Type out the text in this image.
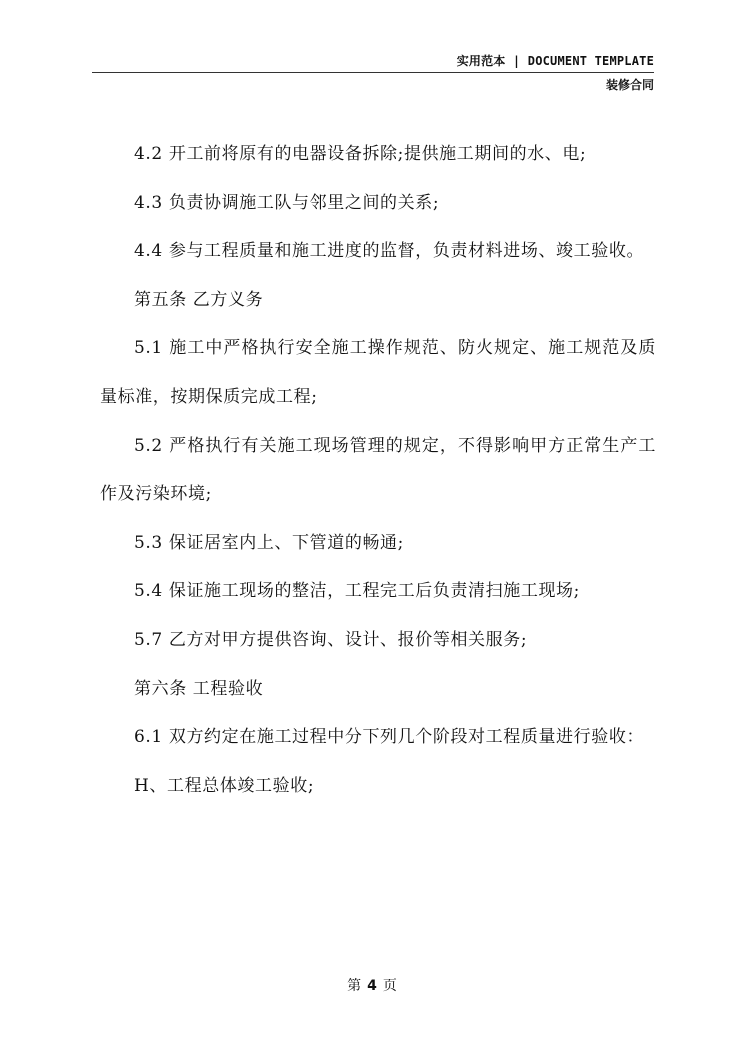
实用范本 | DOCUMENT TEMPLATE
装修合同

4.2 开工前将原有的电器设备拆除;提供施工期间的水、电;

4.3 负责协调施工队与邻里之间的关系;

4.4 参与工程质量和施工进度的监督，负责材料进场、竣工验收。

第五条 乙方义务

5.1 施工中严格执行安全施工操作规范、防火规定、施工规范及质量标准，按期保质完成工程;

5.2 严格执行有关施工现场管理的规定，不得影响甲方正常生产工作及污染环境;

5.3 保证居室内上、下管道的畅通;

5.4 保证施工现场的整洁，工程完工后负责清扫施工现场;

5.7 乙方对甲方提供咨询、设计、报价等相关服务;

第六条 工程验收

6.1 双方约定在施工过程中分下列几个阶段对工程质量进行验收：

H、工程总体竣工验收;

第 4 页
